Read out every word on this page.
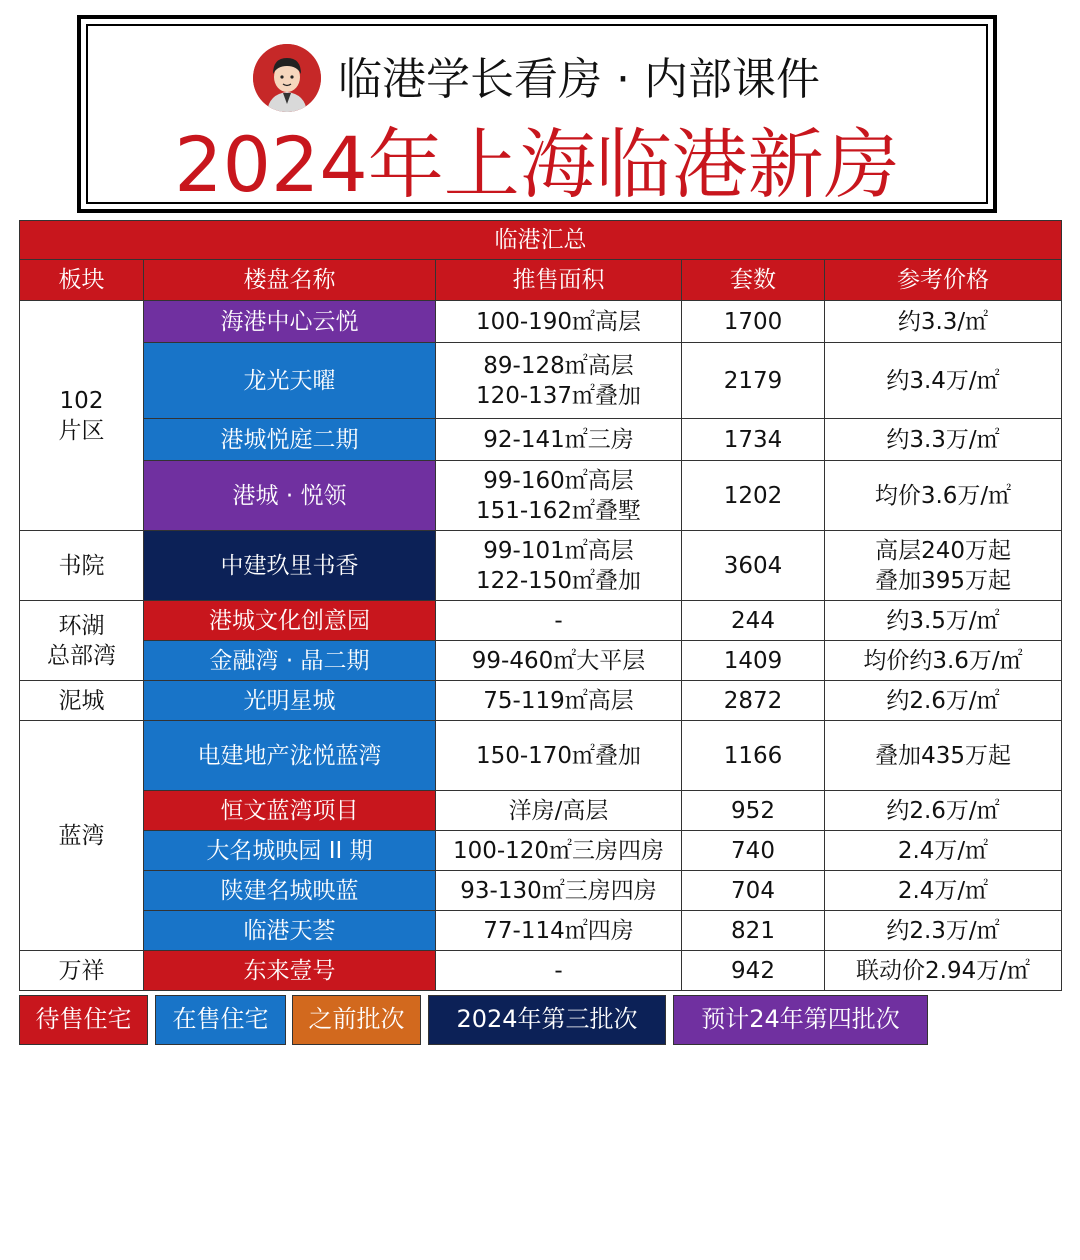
临港学长看房 · 内部课件
2024年上海临港新房
临港汇总				
板块	楼盘名称	推售面积	套数	参考价格

102
片区	海港中心云悦	100-190㎡高层	1700	约3.3/㎡

	龙光天曜	89-128㎡高层
120-137㎡叠加	2179	约3.4万/㎡

	港城悦庭二期	92-141㎡三房	1734	约3.3万/㎡

	港城 · 悦领	99-160㎡高层
151-162㎡叠墅	1202	均价3.6万/㎡

书院	中建玖里书香	99-101㎡高层
122-150㎡叠加	3604	高层240万起
叠加395万起

环湖
总部湾	港城文化创意园	-	244	约3.5万/㎡

	金融湾 · 晶二期	99-460㎡大平层	1409	均价约3.6万/㎡

泥城	光明星城	75-119㎡高层	2872	约2.6万/㎡

蓝湾	电建地产泷悦蓝湾	150-170㎡叠加	1166	叠加435万起

	恒文蓝湾项目	洋房/高层	952	约2.6万/㎡

	大名城映园 II 期	100-120㎡三房四房	740	2.4万/㎡

	陕建名城映蓝	93-130㎡三房四房	704	2.4万/㎡

	临港天荟	77-114㎡四房	821	约2.3万/㎡

万祥	东来壹号	-	942	联动价2.94万/㎡
待售住宅	在售住宅	之前批次	2024年第三批次	预计24年第四批次
